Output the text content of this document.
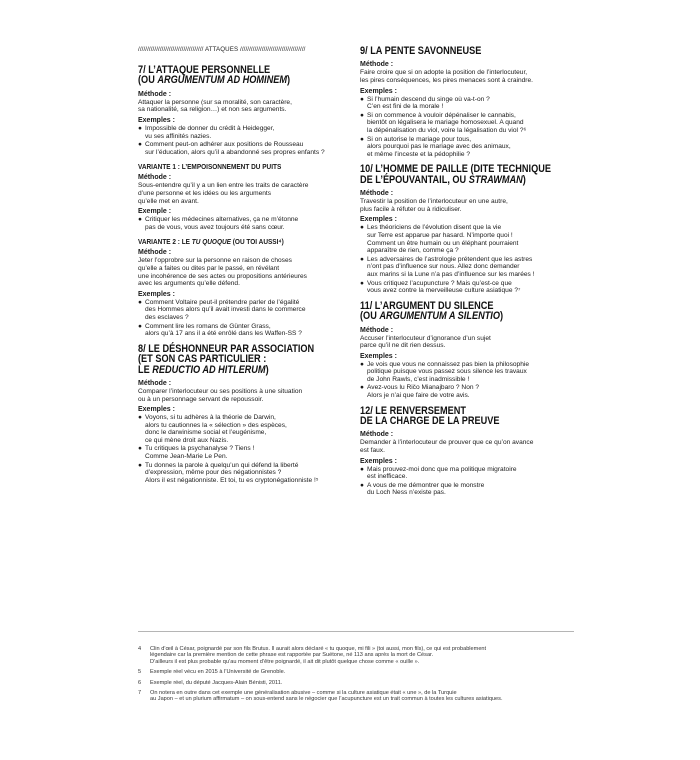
//////////////////////////////////// ATTAQUES ////////////////////////////////////
7/ L’ATTAQUE PERSONNELLE
(OU ARGUMENTUM AD HOMINEM)
Méthode :
Attaquer la personne (sur sa moralité, son caractère,
sa nationalité, sa religion…) et non ses arguments.
Exemples :
● Impossible de donner du crédit à Heidegger,
vu ses affinités nazies.
● Comment peut-on adhérer aux positions de Rousseau
sur l’éducation, alors qu’il a abandonné ses propres enfants ?
VARIANTE 1 : L’EMPOISONNEMENT DU PUITS
Méthode :
Sous-entendre qu’il y a un lien entre les traits de caractère
d’une personne et les idées ou les arguments
qu’elle met en avant.
Exemple :
● Critiquer les médecines alternatives, ça ne m’étonne
pas de vous, vous avez toujours été sans cœur.
VARIANTE 2 : LE TU QUOQUE (OU TOI AUSSI⁴)
Méthode :
Jeter l’opprobre sur la personne en raison de choses
qu’elle a faites ou dites par le passé, en révélant
une incohérence de ses actes ou propositions antérieures
avec les arguments qu’elle défend.
Exemples :
● Comment Voltaire peut-il prétendre parler de l’égalité
des Hommes alors qu’il avait investi dans le commerce
des esclaves ?
● Comment lire les romans de Günter Grass,
alors qu’à 17 ans il a été enrôlé dans les Waffen-SS ?
8/ LE DÉSHONNEUR PAR ASSOCIATION
(ET SON CAS PARTICULIER :
LE REDUCTIO AD HITLERUM)
Méthode :
Comparer l’interlocuteur ou ses positions à une situation
ou à un personnage servant de repoussoir.
Exemples :
● Voyons, si tu adhères à la théorie de Darwin,
alors tu cautionnes la « sélection » des espèces,
donc le darwinisme social et l’eugénisme,
ce qui mène droit aux Nazis.
● Tu critiques la psychanalyse ? Tiens !
Comme Jean-Marie Le Pen.
● Tu donnes la parole à quelqu’un qui défend la liberté
d’expression, même pour des négationnistes ?
Alors il est négationniste. Et toi, tu es cryptonégationniste !⁵
9/ LA PENTE SAVONNEUSE
Méthode :
Faire croire que si on adopte la position de l’interlocuteur,
les pires conséquences, les pires menaces sont à craindre.
Exemples :
● Si l’humain descend du singe où va-t-on ?
C’en est fini de la morale !
● Si on commence à vouloir dépénaliser le cannabis,
bientôt on légalisera le mariage homosexuel. A quand
la dépénalisation du viol, voire la légalisation du viol ?⁶
● Si on autorise le mariage pour tous,
alors pourquoi pas le mariage avec des animaux,
et même l’inceste et la pédophilie ?
10/ L’HOMME DE PAILLE (DITE TECHNIQUE
DE L’ÉPOUVANTAIL, OU STRAWMAN)
Méthode :
Travestir la position de l’interlocuteur en une autre,
plus facile à réfuter ou à ridiculiser.
Exemples :
● Les théoriciens de l’évolution disent que la vie
sur Terre est apparue par hasard. N’importe quoi !
Comment un être humain ou un éléphant pourraient
apparaître de rien, comme ça ?
● Les adversaires de l’astrologie prétendent que les astres
n’ont pas d’influence sur nous. Allez donc demander
aux marins si la Lune n’a pas d’influence sur les marées !
● Vous critiquez l’acupuncture ? Mais qu’est-ce que
vous avez contre la merveilleuse culture asiatique ?⁷
11/ L’ARGUMENT DU SILENCE
(OU ARGUMENTUM A SILENTIO)
Méthode :
Accuser l’interlocuteur d’ignorance d’un sujet
parce qu’il ne dit rien dessus.
Exemples :
● Je vois que vous ne connaissez pas bien la philosophie
politique puisque vous passez sous silence les travaux
de John Rawls, c’est inadmissible !
● Avez-vous lu Ričo Mianajbaro ? Non ?
Alors je n’ai que faire de votre avis.
12/ LE RENVERSEMENT
DE LA CHARGE DE LA PREUVE
Méthode :
Demander à l’interlocuteur de prouver que ce qu’on avance
est faux.
Exemples :
● Mais prouvez-moi donc que ma politique migratoire
est inefficace.
● A vous de me démontrer que le monstre
du Loch Ness n’existe pas.
4	Clin d’œil à César, poignardé par son fils Brutus. Il aurait alors déclaré « tu quoque, mi fili » (toi aussi, mon fils), ce qui est probablement
légendaire car la première mention de cette phrase est rapportée par Suétone, né 113 ans après la mort de César.
D’ailleurs il est plus probable qu’au moment d’être poignardé, il ait dit plutôt quelque chose comme « ouille ».
5	Exemple réel vécu en 2015 à l’Université de Grenoble.
6	Exemple réel, du député Jacques-Alain Bénisti, 2011.
7	On notera en outre dans cet exemple une généralisation abusive – comme si la culture asiatique était « une », de la Turquie
au Japon – et un plurium affirmatum – on sous-entend sans le négocier que l’acupuncture est un trait commun à toutes les cultures asiatiques.
